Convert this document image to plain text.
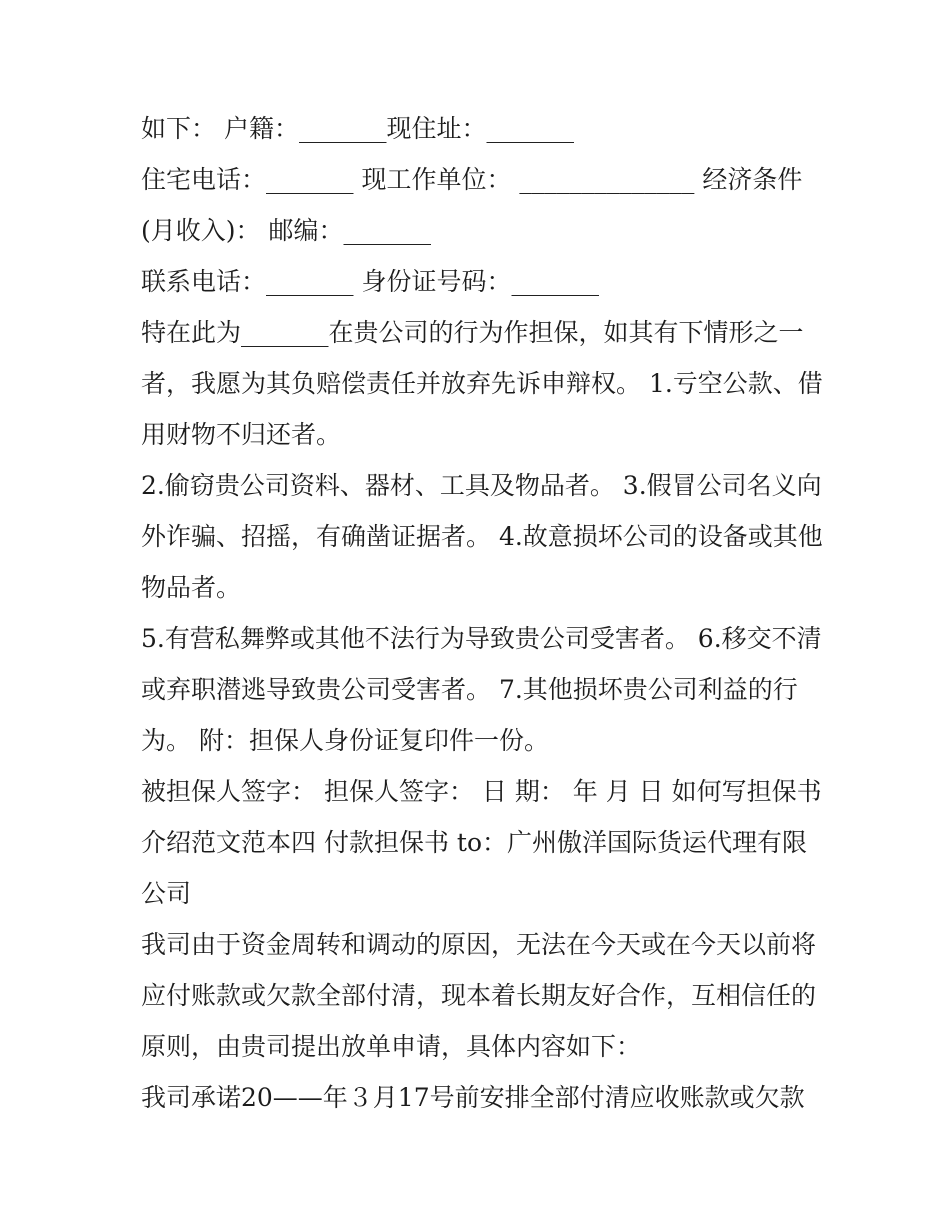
如下： 户籍：_______现住址：_______
住宅电话：_______ 现工作单位： ______________ 经济条件
(月收入)： 邮编：_______
联系电话：_______ 身份证号码：_______
特在此为_______在贵公司的行为作担保，如其有下情形之一
者，我愿为其负赔偿责任并放弃先诉申辩权。 1.亏空公款、借
用财物不归还者。
2.偷窃贵公司资料、器材、工具及物品者。 3.假冒公司名义向
外诈骗、招摇，有确凿证据者。 4.故意损坏公司的设备或其他
物品者。
5.有营私舞弊或其他不法行为导致贵公司受害者。 6.移交不清
或弃职潜逃导致贵公司受害者。 7.其他损坏贵公司利益的行
为。 附：担保人身份证复印件一份。
被担保人签字： 担保人签字： 日 期： 年 月 日 如何写担保书
介绍范文范本四 付款担保书 to：广州傲洋国际货运代理有限
公司
我司由于资金周转和调动的原因，无法在今天或在今天以前将
应付账款或欠款全部付清，现本着长期友好合作，互相信任的
原则，由贵司提出放单申请，具体内容如下：
我司承诺20——年３月17号前安排全部付清应收账款或欠款
